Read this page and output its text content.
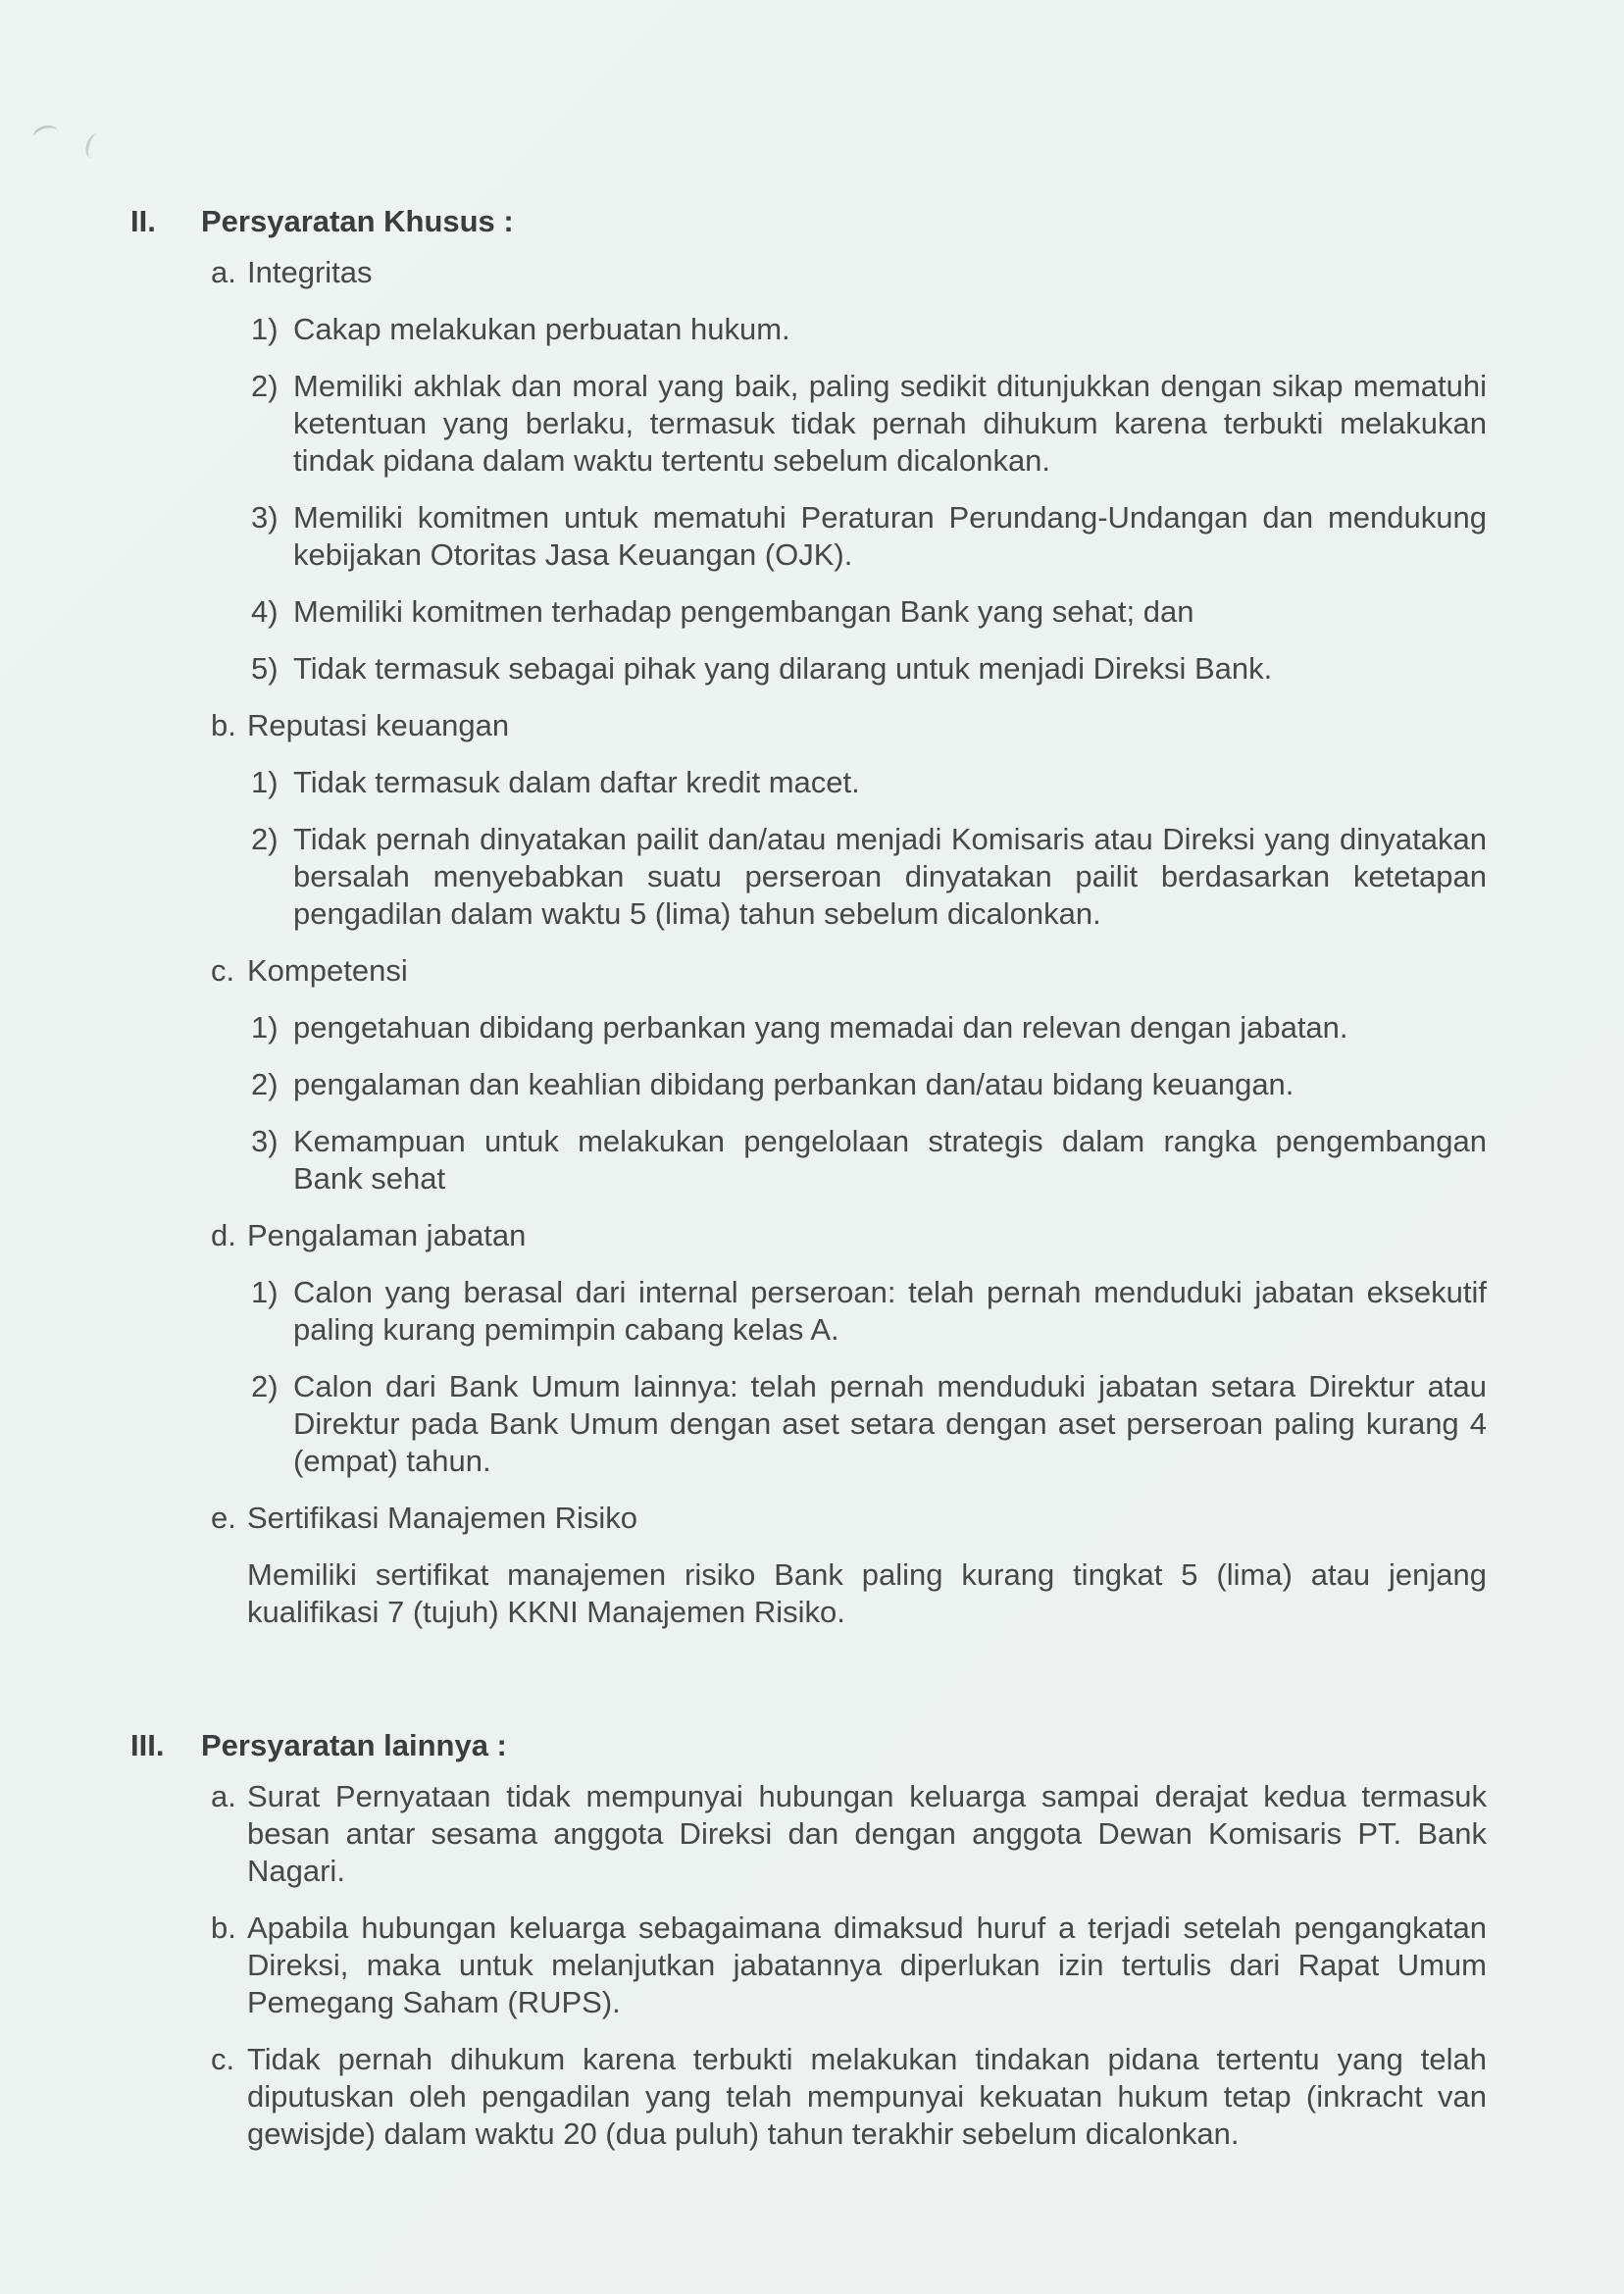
II.	Persyaratan Khusus :
a. Integritas
1) Cakap melakukan perbuatan hukum.
2) Memiliki akhlak dan moral yang baik, paling sedikit ditunjukkan dengan sikap mematuhi ketentuan yang berlaku, termasuk tidak pernah dihukum karena terbukti melakukan tindak pidana dalam waktu tertentu sebelum dicalonkan.
3) Memiliki komitmen untuk mematuhi Peraturan Perundang-Undangan dan mendukung kebijakan Otoritas Jasa Keuangan (OJK).
4) Memiliki komitmen terhadap pengembangan Bank yang sehat; dan
5) Tidak termasuk sebagai pihak yang dilarang untuk menjadi Direksi Bank.
b. Reputasi keuangan
1) Tidak termasuk dalam daftar kredit macet.
2) Tidak pernah dinyatakan pailit dan/atau menjadi Komisaris atau Direksi yang dinyatakan bersalah menyebabkan suatu perseroan dinyatakan pailit berdasarkan ketetapan pengadilan dalam waktu 5 (lima) tahun sebelum dicalonkan.
c. Kompetensi
1) pengetahuan dibidang perbankan yang memadai dan relevan dengan jabatan.
2) pengalaman dan keahlian dibidang perbankan dan/atau bidang keuangan.
3) Kemampuan untuk melakukan pengelolaan strategis dalam rangka pengembangan Bank sehat
d. Pengalaman jabatan
1) Calon yang berasal dari internal perseroan: telah pernah menduduki jabatan eksekutif paling kurang pemimpin cabang kelas A.
2) Calon dari Bank Umum lainnya: telah pernah menduduki jabatan setara Direktur atau Direktur pada Bank Umum dengan aset setara dengan aset perseroan paling kurang 4 (empat) tahun.
e. Sertifikasi Manajemen Risiko
Memiliki sertifikat manajemen risiko Bank paling kurang tingkat 5 (lima) atau jenjang kualifikasi 7 (tujuh) KKNI Manajemen Risiko.
III.	Persyaratan lainnya :
a. Surat Pernyataan tidak mempunyai hubungan keluarga sampai derajat kedua termasuk besan antar sesama anggota Direksi dan dengan anggota Dewan Komisaris PT. Bank Nagari.
b. Apabila hubungan keluarga sebagaimana dimaksud huruf a terjadi setelah pengangkatan Direksi, maka untuk melanjutkan jabatannya diperlukan izin tertulis dari Rapat Umum Pemegang Saham (RUPS).
c. Tidak pernah dihukum karena terbukti melakukan tindakan pidana tertentu yang telah diputuskan oleh pengadilan yang telah mempunyai kekuatan hukum tetap (inkracht van gewisjde) dalam waktu 20 (dua puluh) tahun terakhir sebelum dicalonkan.
